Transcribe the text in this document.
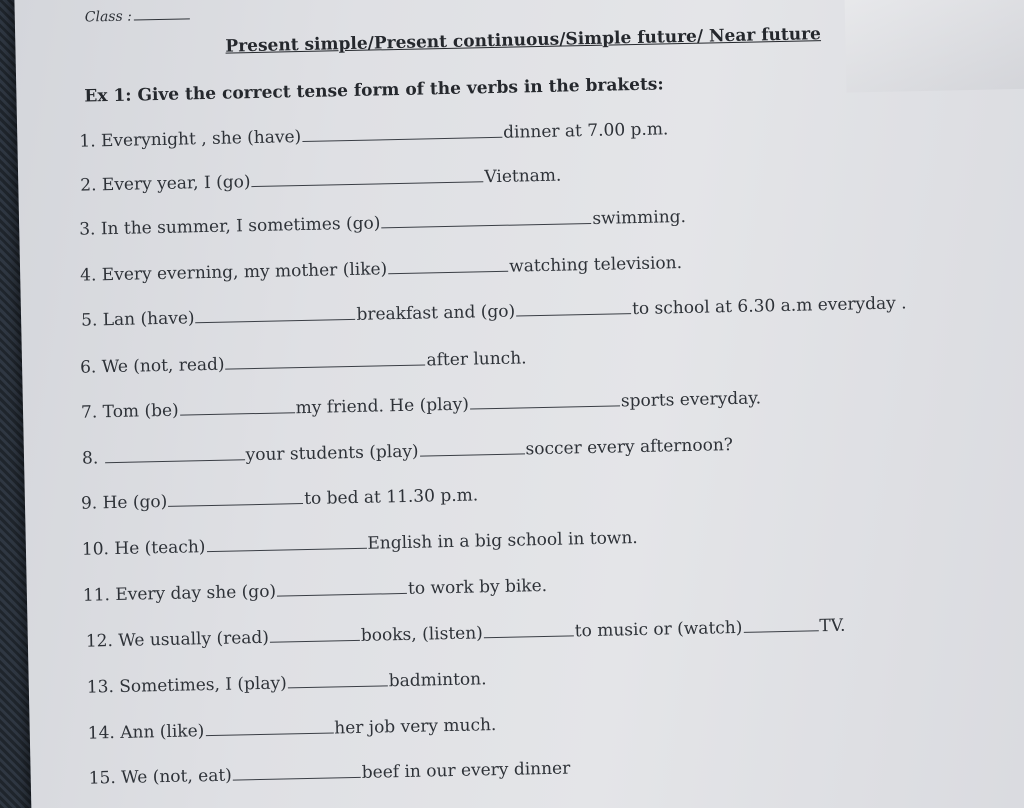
Class :
Present simple/Present continuous/Simple future/ Near future
Ex 1: Give the correct tense form of the verbs in the brakets:
1. Everynight , she (have)	dinner at 7.00 p.m.
2. Every year, I (go)	Vietnam.
3. In the summer, I sometimes (go)	swimming.
4. Every everning, my mother (like)	watching television.
5. Lan (have)	breakfast and (go)	to school at 6.30 a.m everyday .
6. We (not, read)	after lunch.
7. Tom (be)	my friend. He (play)	sports everyday.
8.	your students (play)	soccer every afternoon?
9. He (go)	to bed at 11.30 p.m.
10. He (teach)	English in a big school in town.
11. Every day she (go)	to work by bike.
12. We usually (read)	books, (listen)	to music or (watch)	TV.
13. Sometimes, I (play)	badminton.
14. Ann (like)	her job very much.
15. We (not, eat)	beef in our every dinner
